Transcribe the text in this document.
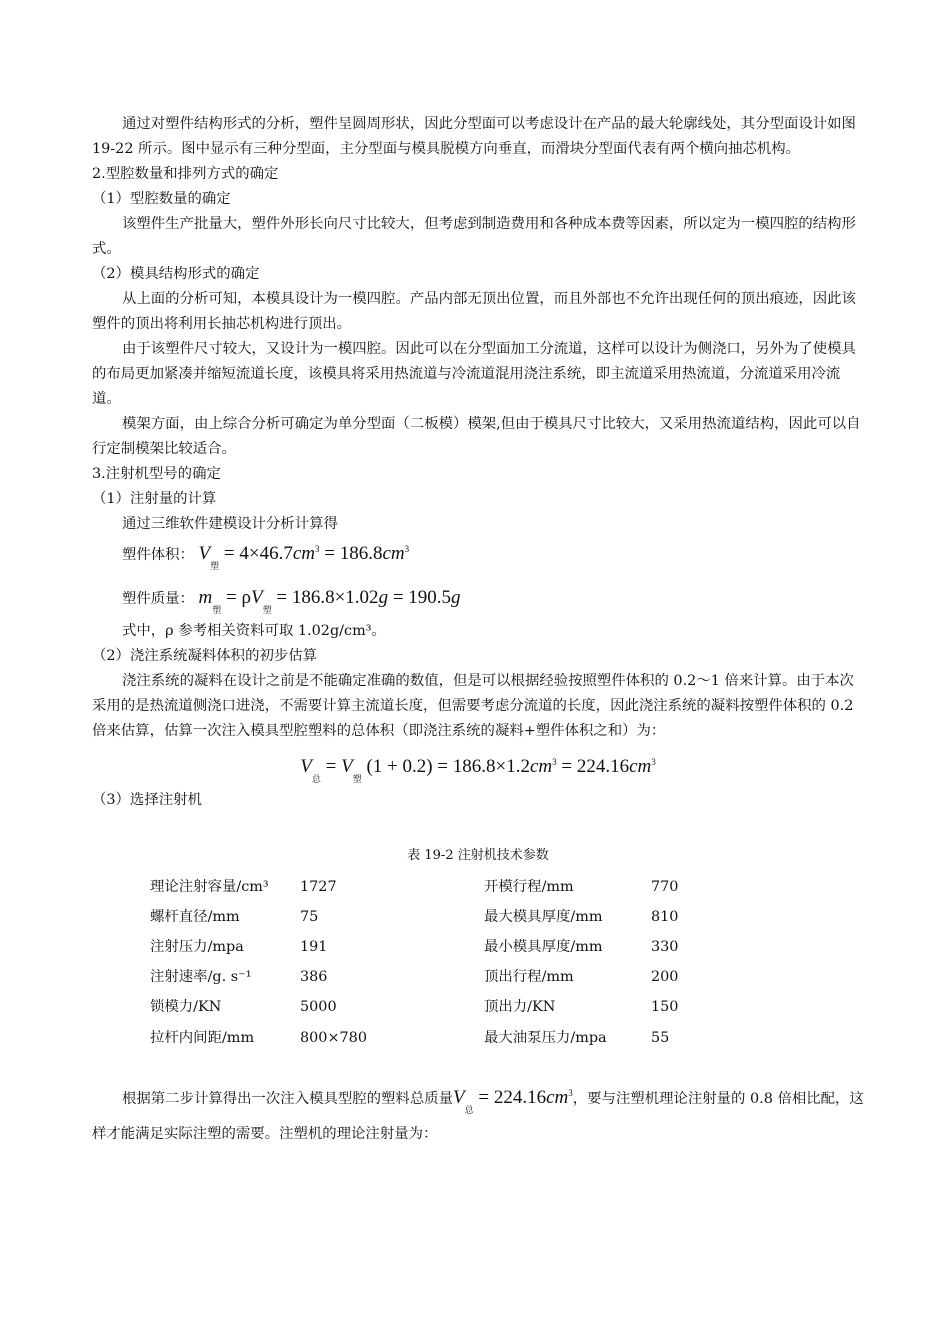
通过对塑件结构形式的分析，塑件呈圆周形状，因此分型面可以考虑设计在产品的最大轮廓线处，其分型面设计如图 19-22 所示。图中显示有三种分型面，主分型面与模具脱模方向垂直，而滑块分型面代表有两个横向抽芯机构。

2.型腔数量和排列方式的确定

（1）型腔数量的确定

该塑件生产批量大，塑件外形长向尺寸比较大，但考虑到制造费用和各种成本费等因素，所以定为一模四腔的结构形式。

（2）模具结构形式的确定

从上面的分析可知，本模具设计为一模四腔。产品内部无顶出位置，而且外部也不允许出现任何的顶出痕迹，因此该塑件的顶出将利用长抽芯机构进行顶出。

由于该塑件尺寸较大，又设计为一模四腔。因此可以在分型面加工分流道，这样可以设计为侧浇口，另外为了使模具的布局更加紧凑并缩短流道长度，该模具将采用热流道与冷流道混用浇注系统，即主流道采用热流道，分流道采用冷流道。

模架方面，由上综合分析可确定为单分型面（二板模）模架,但由于模具尺寸比较大，又采用热流道结构，因此可以自行定制模架比较适合。

3.注射机型号的确定

（1）注射量的计算

通过三维软件建模设计分析计算得

塑件体积： $V_塑 = 4\times 46.7cm^3 = 186.8cm^3$
塑件质量： $m_塑 = \rho V_塑 = 186.8\times 1.02g = 190.5g$

式中，ρ 参考相关资料可取 1.02g/cm³。

（2）浇注系统凝料体积的初步估算

浇注系统的凝料在设计之前是不能确定准确的数值，但是可以根据经验按照塑件体积的 0.2～1 倍来计算。由于本次采用的是热流道侧浇口进浇，不需要计算主流道长度，但需要考虑分流道的长度，因此浇注系统的凝料按塑件体积的 0.2 倍来估算，估算一次注入模具型腔塑料的总体积（即浇注系统的凝料+塑件体积之和）为：

$V_总 = V_塑$ $(1 + 0.2) = 186.8\times 1.2cm^3 = 224.16cm^3$

（3）选择注射机

表 19-2 注射机技术参数
理论注射容量/cm³	1727	开模行程/mm	770
螺杆直径/mm	75	最大模具厚度/mm	810
注射压力/mpa	191	最小模具厚度/mm	330
注射速率/g. s⁻¹	386	顶出行程/mm	200
锁模力/KN	5000	顶出力/KN	150
拉杆内间距/mm	800×780	最大油泵压力/mpa	55

根据第二步计算得出一次注入模具型腔的塑料总质量$V_总 = 224.16cm^3$，要与注塑机理论注射量的 0.8 倍相比配，这样才能满足实际注塑的需要。注塑机的理论注射量为：
